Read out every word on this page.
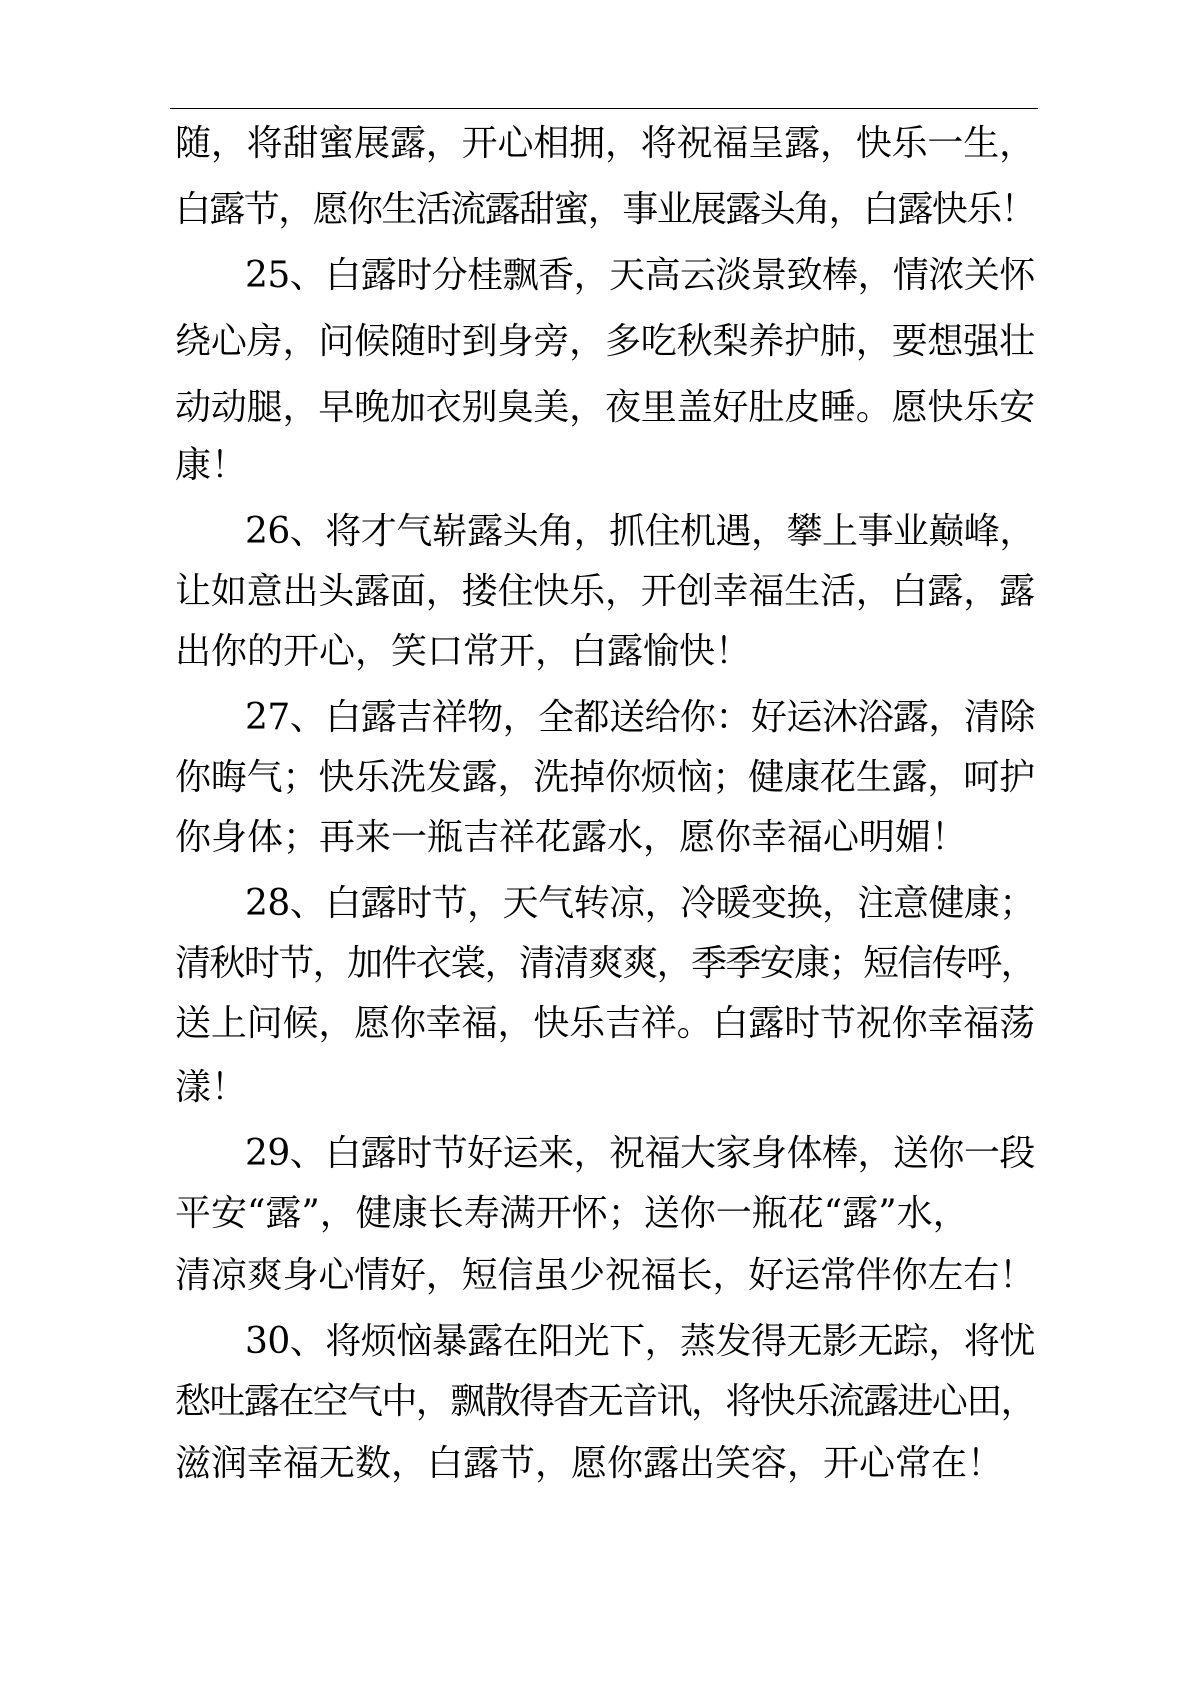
随，将甜蜜展露，开心相拥，将祝福呈露，快乐一生，
白露节，愿你生活流露甜蜜，事业展露头角，白露快乐！
25、白露时分桂飘香，天高云淡景致棒，情浓关怀
绕心房，问候随时到身旁，多吃秋梨养护肺，要想强壮
动动腿，早晚加衣别臭美，夜里盖好肚皮睡。愿快乐安
康！
26、将才气崭露头角，抓住机遇，攀上事业巅峰，
让如意出头露面，搂住快乐，开创幸福生活，白露，露
出你的开心，笑口常开，白露愉快！
27、白露吉祥物，全都送给你：好运沐浴露，清除
你晦气；快乐洗发露，洗掉你烦恼；健康花生露，呵护
你身体；再来一瓶吉祥花露水，愿你幸福心明媚！
28、白露时节，天气转凉，冷暖变换，注意健康；
清秋时节，加件衣裳，清清爽爽，季季安康；短信传呼，
送上问候，愿你幸福，快乐吉祥。白露时节祝你幸福荡
漾！
29、白露时节好运来，祝福大家身体棒，送你一段
平安“露”，健康长寿满开怀；送你一瓶花“露”水，
清凉爽身心情好，短信虽少祝福长，好运常伴你左右！
30、将烦恼暴露在阳光下，蒸发得无影无踪，将忧
愁吐露在空气中，飘散得杳无音讯，将快乐流露进心田，
滋润幸福无数，白露节，愿你露出笑容，开心常在！
